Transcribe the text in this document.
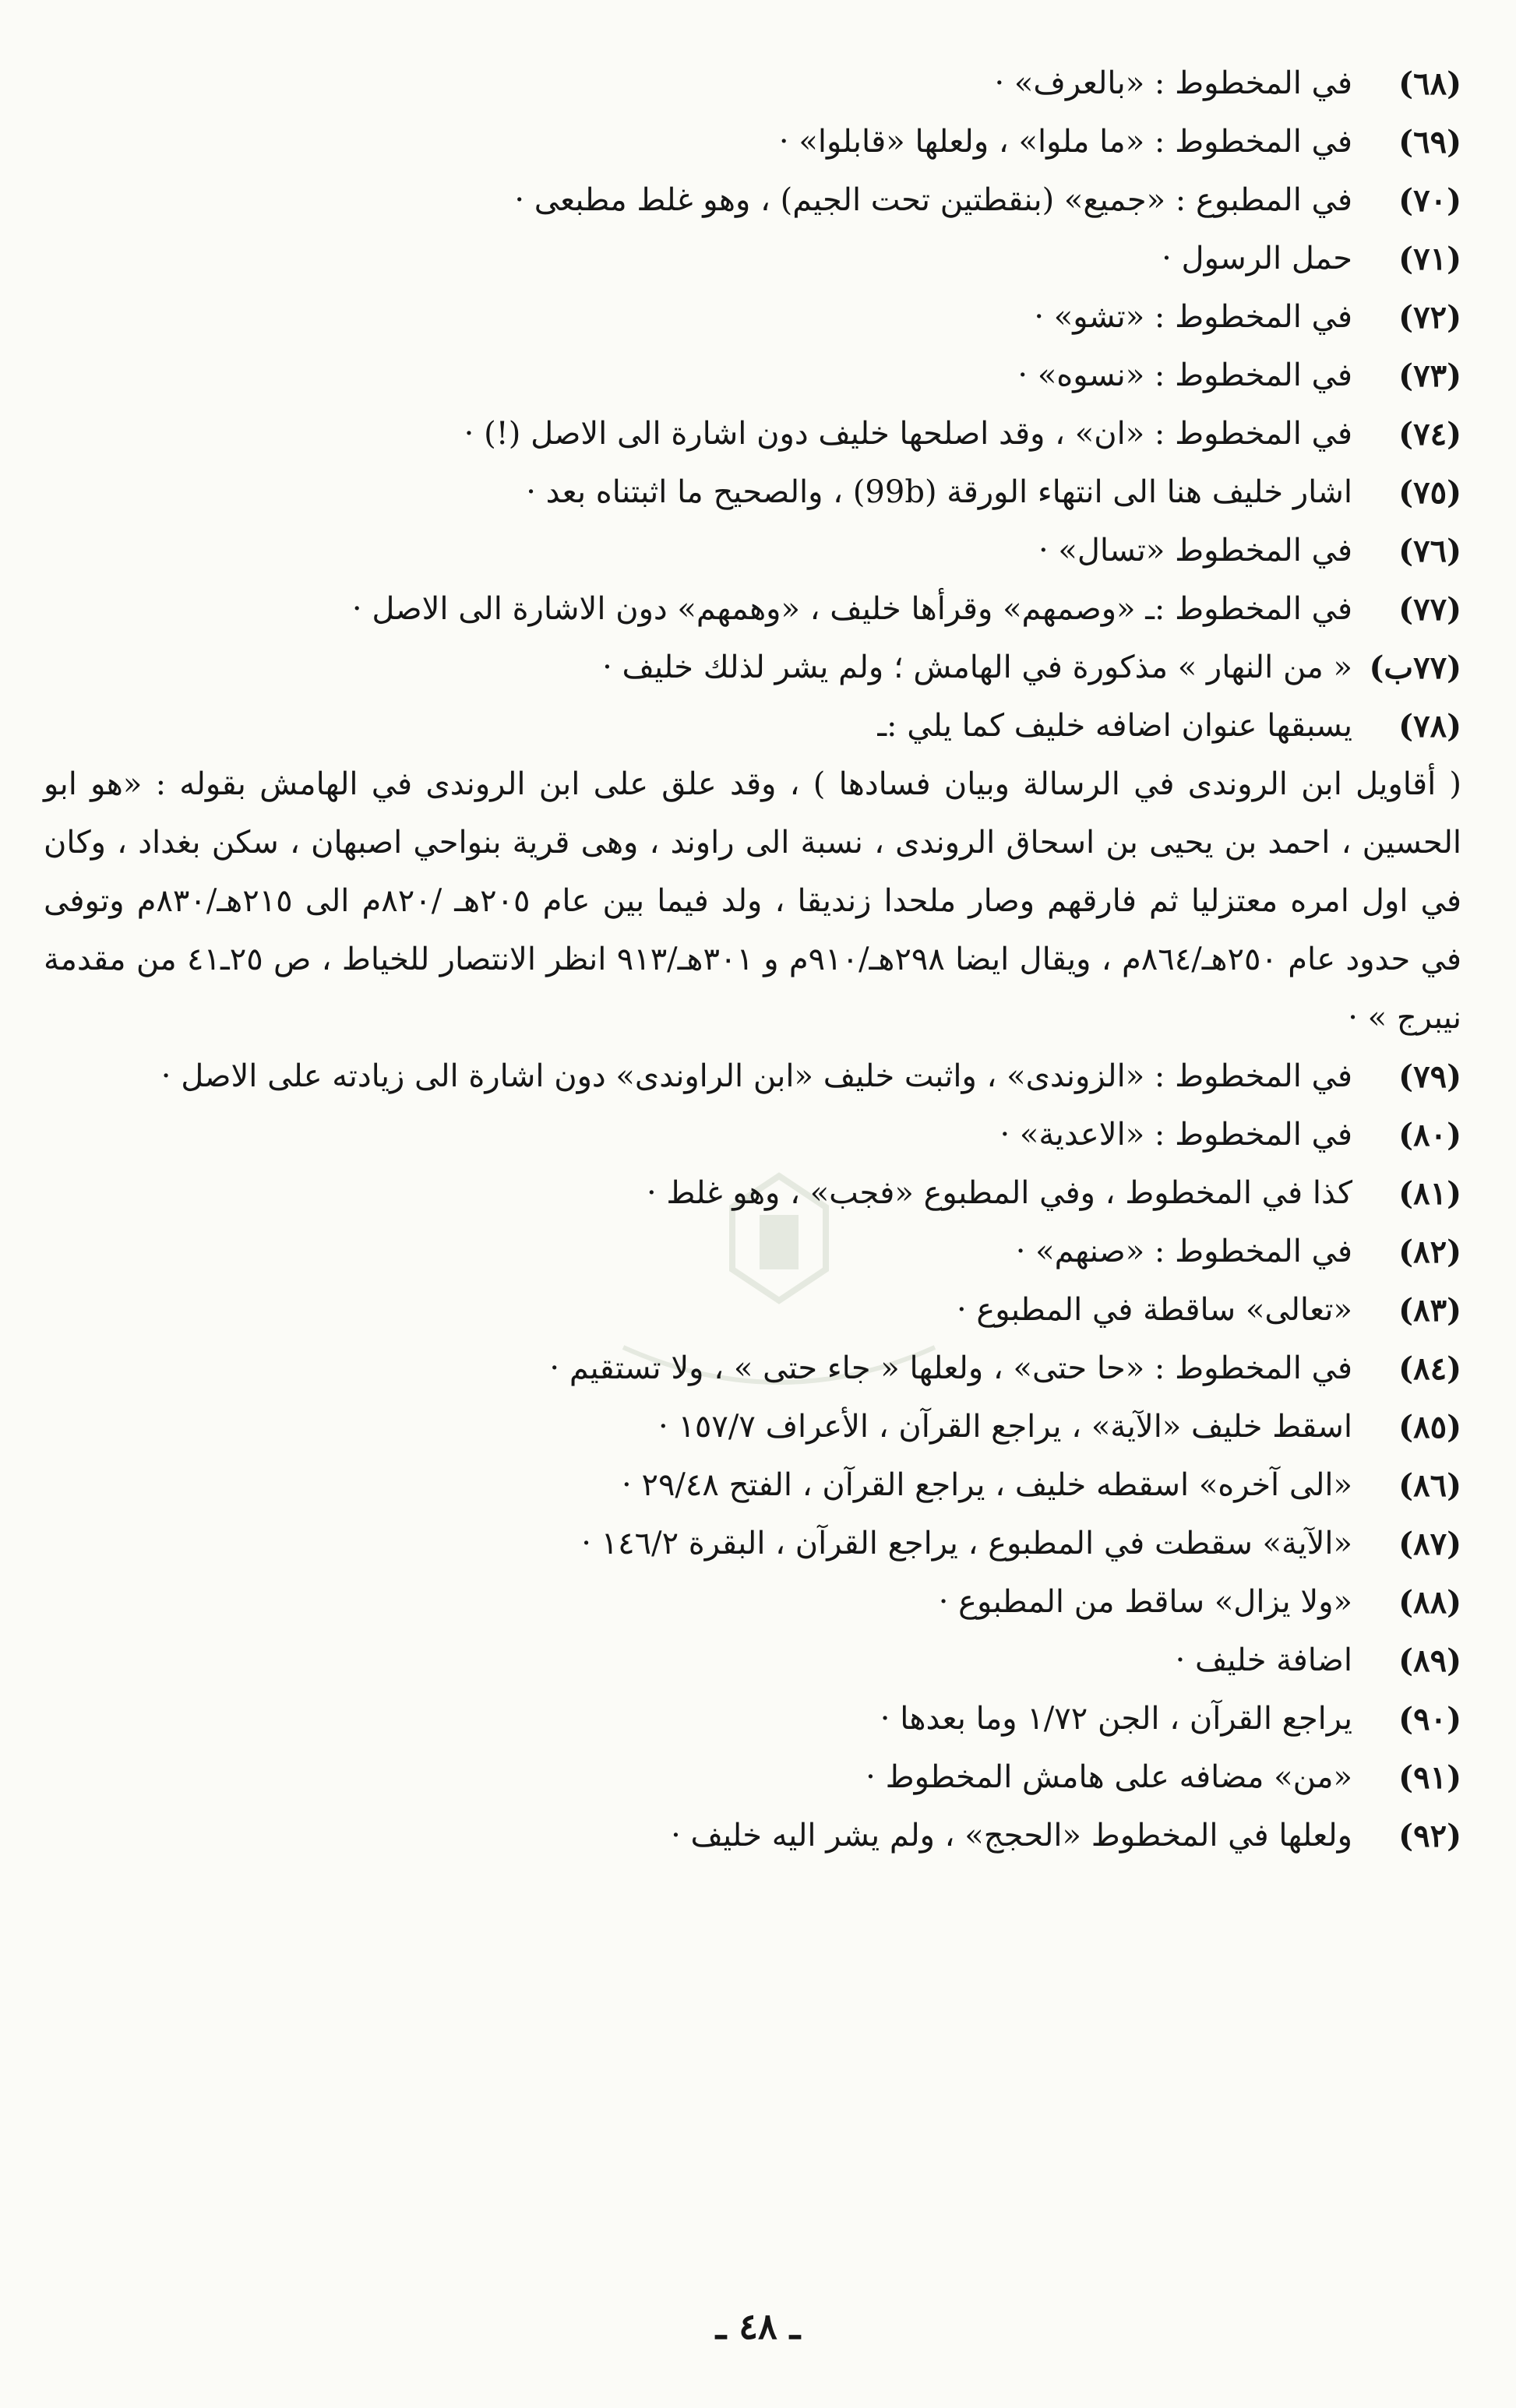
(٦٨)
في المخطوط : «بالعرف» ·
(٦٩)
في المخطوط : «ما ملوا» ، ولعلها «قابلوا» ·
(٧٠)
في المطبوع : «جميع» (بنقطتين تحت الجيم) ، وهو غلط مطبعى ·
(٧١)
حمل الرسول ·
(٧٢)
في المخطوط : «تشو» ·
(٧٣)
في المخطوط : «نسوه» ·
(٧٤)
في المخطوط : «ان» ، وقد اصلحها خليف دون اشارة الى الاصل (!) ·
(٧٥)
اشار خليف هنا الى انتهاء الورقة (99b) ، والصحيح ما اثبتناه بعد ·
(٧٦)
في المخطوط «تسال» ·
(٧٧)
في المخطوط :ـ «وصمهم» وقرأها خليف ، «وهمهم» دون الاشارة الى الاصل ·
(٧٧ب)
« من النهار » مذكورة في الهامش ؛ ولم يشر لذلك خليف ·
(٧٨)
يسبقها عنوان اضافه خليف كما يلي :ـ
( أقاويل ابن الروندى في الرسالة وبيان فسادها ) ، وقد علق على ابن الروندى في الهامش بقوله : «هو ابو الحسين ، احمد بن يحيى بن اسحاق الروندى ، نسبة الى راوند ، وهى قرية بنواحي اصبهان ، سكن بغداد ، وكان في اول امره معتزليا ثم فارقهم وصار ملحدا زنديقا ، ولد فيما بين عام ٢٠٥هـ /٨٢٠م الى ٢١٥هـ/٨٣٠م وتوفى في حدود عام ٢٥٠هـ/٨٦٤م ، ويقال ايضا ٢٩٨هـ/٩١٠م و ٣٠١هـ/٩١٣ انظر الانتصار للخياط ، ص ٢٥ـ٤١ من مقدمة نيبرج » ·
(٧٩)
في المخطوط : «الزوندى» ، واثبت خليف «ابن الراوندى» دون اشارة الى زيادته على الاصل ·
(٨٠)
في المخطوط : «الاعدية» ·
(٨١)
كذا في المخطوط ، وفي المطبوع «فجب» ، وهو غلط ·
(٨٢)
في المخطوط : «صنهم» ·
(٨٣)
«تعالى» ساقطة في المطبوع ·
(٨٤)
في المخطوط : «حا حتى» ، ولعلها « جاء حتى » ، ولا تستقيم ·
(٨٥)
اسقط خليف «الآية» ، يراجع القرآن ، الأعراف ١٥٧/٧ ·
(٨٦)
«الى آخره» اسقطه خليف ، يراجع القرآن ، الفتح ٢٩/٤٨ ·
(٨٧)
«الآية» سقطت في المطبوع ، يراجع القرآن ، البقرة ١٤٦/٢ ·
(٨٨)
«ولا يزال» ساقط من المطبوع ·
(٨٩)
اضافة خليف ·
(٩٠)
يراجع القرآن ، الجن ١/٧٢ وما بعدها ·
(٩١)
«من» مضافه على هامش المخطوط ·
(٩٢)
ولعلها في المخطوط «الحجج» ، ولم يشر اليه خليف ·
ـ ٤٨ ـ
